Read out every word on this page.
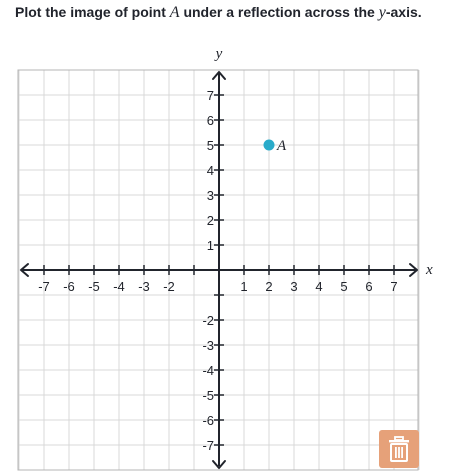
Plot the image of point A under a reflection across the y-axis.
-7 -6 -5 -4 -3 -2	1 2 3 4 5 6 7
-7
-6
-5
-4
-3
-2
1
2
3
4
5
6
7
x
y
A
